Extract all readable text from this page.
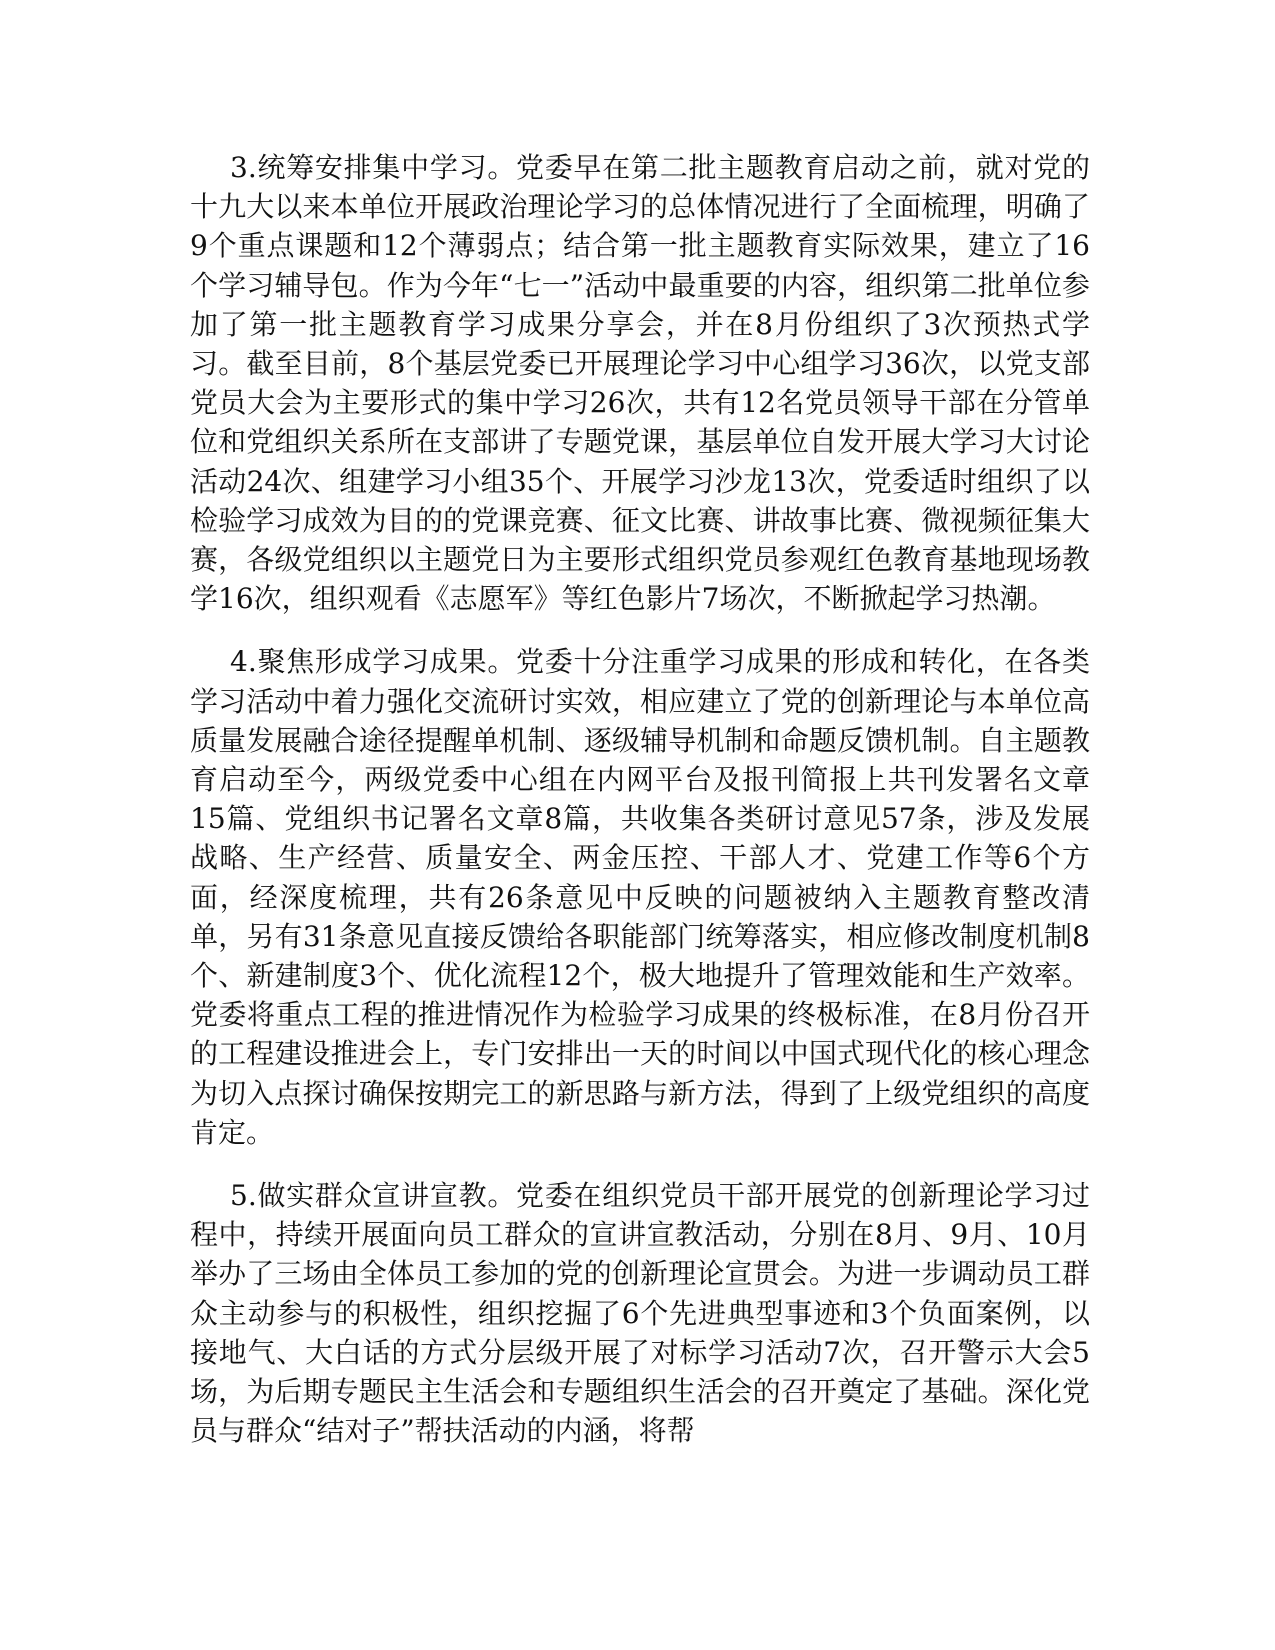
3.统筹安排集中学习。党委早在第二批主题教育启动之前，就对党的十九大以来本单位开展政治理论学习的总体情况进行了全面梳理，明确了9个重点课题和12个薄弱点；结合第一批主题教育实际效果，建立了16个学习辅导包。作为今年“七一”活动中最重要的内容，组织第二批单位参加了第一批主题教育学习成果分享会，并在8月份组织了3次预热式学习。截至目前，8个基层党委已开展理论学习中心组学习36次，以党支部党员大会为主要形式的集中学习26次，共有12名党员领导干部在分管单位和党组织关系所在支部讲了专题党课，基层单位自发开展大学习大讨论活动24次、组建学习小组35个、开展学习沙龙13次，党委适时组织了以检验学习成效为目的的党课竞赛、征文比赛、讲故事比赛、微视频征集大赛，各级党组织以主题党日为主要形式组织党员参观红色教育基地现场教学16次，组织观看《志愿军》等红色影片7场次，不断掀起学习热潮。

4.聚焦形成学习成果。党委十分注重学习成果的形成和转化，在各类学习活动中着力强化交流研讨实效，相应建立了党的创新理论与本单位高质量发展融合途径提醒单机制、逐级辅导机制和命题反馈机制。自主题教育启动至今，两级党委中心组在内网平台及报刊简报上共刊发署名文章15篇、党组织书记署名文章8篇，共收集各类研讨意见57条，涉及发展战略、生产经营、质量安全、两金压控、干部人才、党建工作等6个方面，经深度梳理，共有26条意见中反映的问题被纳入主题教育整改清单，另有31条意见直接反馈给各职能部门统筹落实，相应修改制度机制8个、新建制度3个、优化流程12个，极大地提升了管理效能和生产效率。党委将重点工程的推进情况作为检验学习成果的终极标准，在8月份召开的工程建设推进会上，专门安排出一天的时间以中国式现代化的核心理念为切入点探讨确保按期完工的新思路与新方法，得到了上级党组织的高度肯定。

5.做实群众宣讲宣教。党委在组织党员干部开展党的创新理论学习过程中，持续开展面向员工群众的宣讲宣教活动，分别在8月、9月、10月举办了三场由全体员工参加的党的创新理论宣贯会。为进一步调动员工群众主动参与的积极性，组织挖掘了6个先进典型事迹和3个负面案例，以接地气、大白话的方式分层级开展了对标学习活动7次，召开警示大会5场，为后期专题民主生活会和专题组织生活会的召开奠定了基础。深化党员与群众“结对子”帮扶活动的内涵，将帮
